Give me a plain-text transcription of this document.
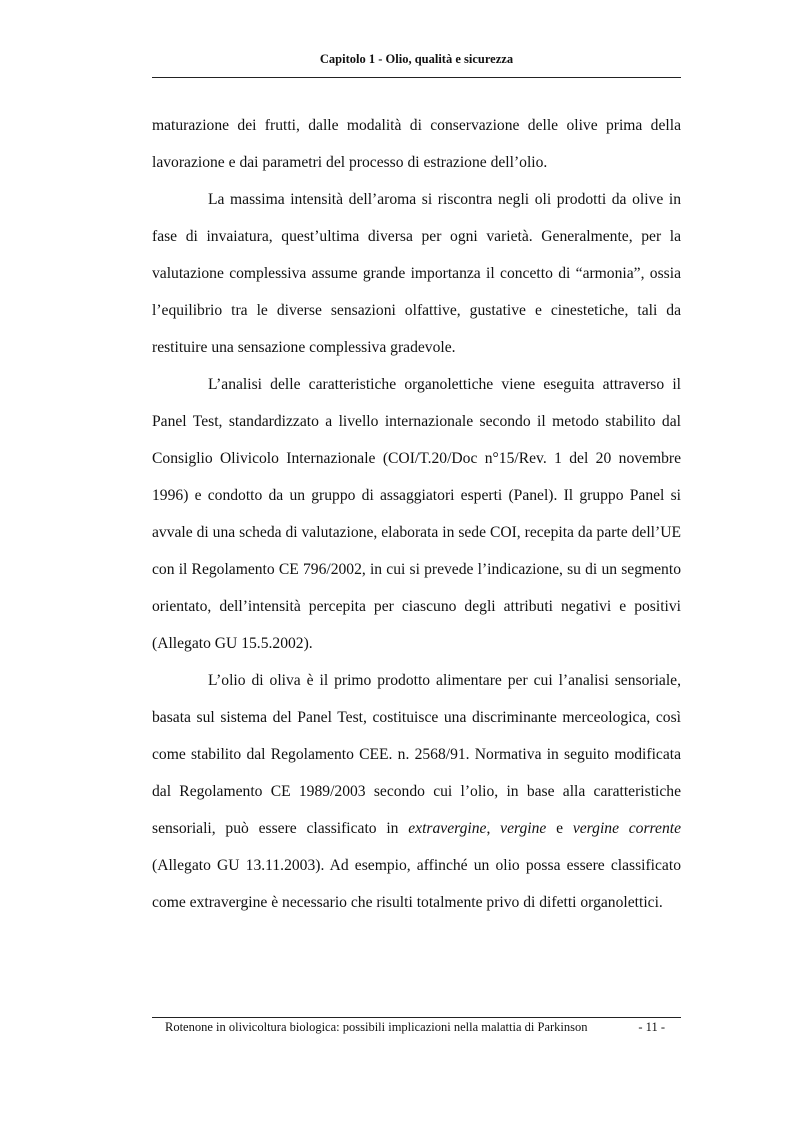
Capitolo 1 - Olio, qualità e sicurezza

maturazione dei frutti, dalle modalità di conservazione delle olive prima della lavorazione e dai parametri del processo di estrazione dell’olio.

La massima intensità dell’aroma si riscontra negli oli prodotti da olive in fase di invaiatura, quest’ultima diversa per ogni varietà. Generalmente, per la valutazione complessiva assume grande importanza il concetto di “armonia”, ossia l’equilibrio tra le diverse sensazioni olfattive, gustative e cinestetiche, tali da restituire una sensazione complessiva gradevole.

L’analisi delle caratteristiche organolettiche viene eseguita attraverso il Panel Test, standardizzato a livello internazionale secondo il metodo stabilito dal Consiglio Olivicolo Internazionale (COI/T.20/Doc n°15/Rev. 1 del 20 novembre 1996) e condotto da un gruppo di assaggiatori esperti (Panel). Il gruppo Panel si avvale di una scheda di valutazione, elaborata in sede COI, recepita da parte dell’UE con il Regolamento CE 796/2002, in cui si prevede l’indicazione, su di un segmento orientato, dell’intensità percepita per ciascuno degli attributi negativi e positivi (Allegato GU 15.5.2002).

L’olio di oliva è il primo prodotto alimentare per cui l’analisi sensoriale, basata sul sistema del Panel Test, costituisce una discriminante merceologica, così come stabilito dal Regolamento CEE. n. 2568/91. Normativa in seguito modificata dal Regolamento CE 1989/2003 secondo cui l’olio, in base alla caratteristiche sensoriali, può essere classificato in extravergine, vergine e vergine corrente (Allegato GU 13.11.2003). Ad esempio, affinché un olio possa essere classificato come extravergine è necessario che risulti totalmente privo di difetti organolettici.

Rotenone in olivicoltura biologica: possibili implicazioni nella malattia di Parkinson	- 11 -
